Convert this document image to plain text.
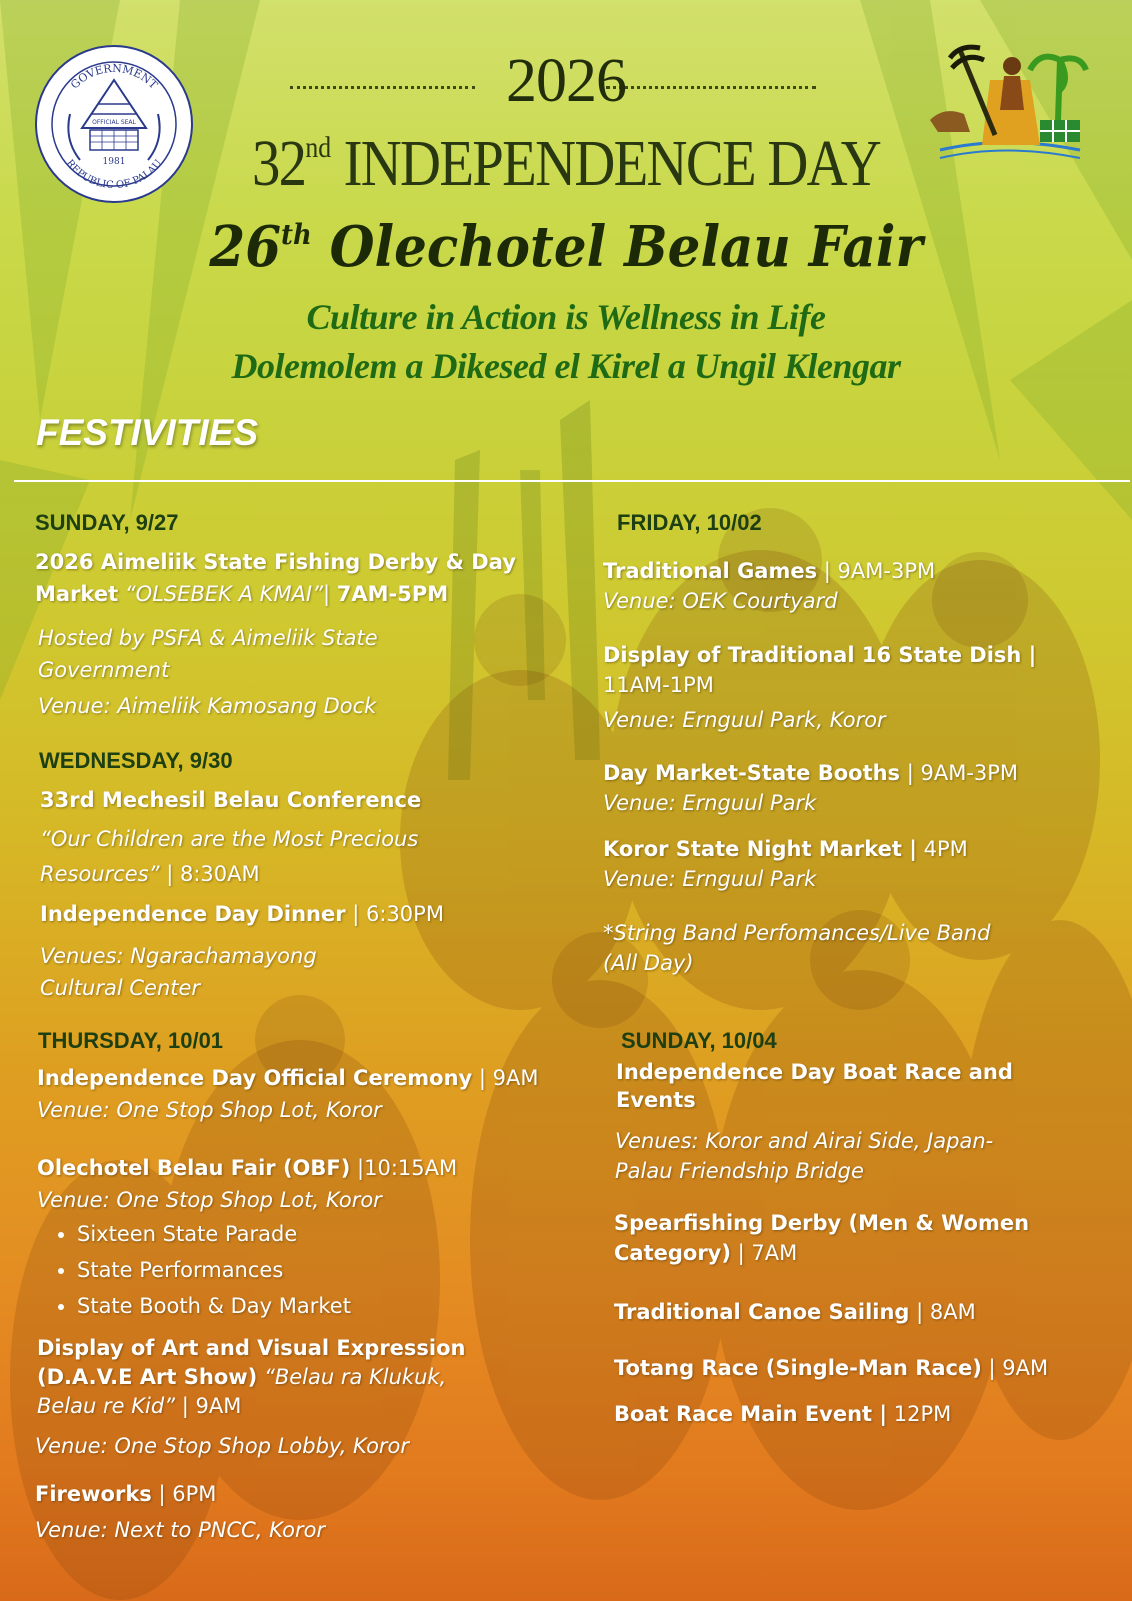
GOVERNMENT
REPUBLIC OF PALAU
OFFICIAL SEAL
1981
2026
32nd INDEPENDENCE DAY
26th Olechotel Belau Fair
Culture in Action is Wellness in Life
Dolemolem a Dikesed el Kirel a Ungil Klengar
FESTIVITIES
SUNDAY, 9/27
2026 Aimeliik State Fishing Derby & Day
Market “OLSEBEK A KMAI”| 7AM-5PM
Hosted by PSFA & Aimeliik State
Government
Venue: Aimeliik Kamosang Dock
WEDNESDAY, 9/30
33rd Mechesil Belau Conference
“Our Children are the Most Precious
Resources” | 8:30AM
Independence Day Dinner | 6:30PM
Venues: Ngarachamayong
Cultural Center
THURSDAY, 10/01
Independence Day Official Ceremony | 9AM
Venue: One Stop Shop Lot, Koror
Olechotel Belau Fair (OBF) |10:15AM
Venue: One Stop Shop Lot, Koror
• Sixteen State Parade
• State Performances
• State Booth & Day Market
Display of Art and Visual Expression
(D.A.V.E Art Show) “Belau ra Klukuk,
Belau re Kid” | 9AM
Venue: One Stop Shop Lobby, Koror
Fireworks | 6PM
Venue: Next to PNCC, Koror
FRIDAY, 10/02
Traditional Games | 9AM-3PM
Venue: OEK Courtyard
Display of Traditional 16 State Dish |
11AM-1PM
Venue: Ernguul Park, Koror
Day Market-State Booths | 9AM-3PM
Venue: Ernguul Park
Koror State Night Market | 4PM
Venue: Ernguul Park
*String Band Perfomances/Live Band
(All Day)
SUNDAY, 10/04
Independence Day Boat Race and
Events
Venues: Koror and Airai Side, Japan-
Palau Friendship Bridge
Spearfishing Derby (Men & Women
Category) | 7AM
Traditional Canoe Sailing | 8AM
Totang Race (Single-Man Race) | 9AM
Boat Race Main Event | 12PM
